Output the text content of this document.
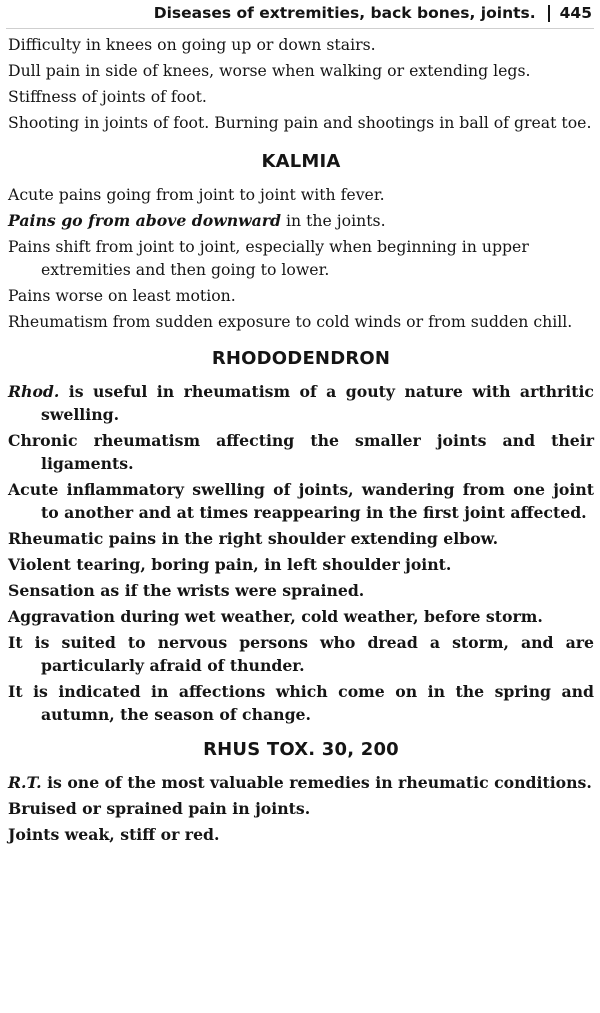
Diseases of extremities, back bones, joints. 445

Difficulty in knees on going up or down stairs.

Dull pain in side of knees, worse when walking or extending legs.

Stiffness of joints of foot.

Shooting in joints of foot. Burning pain and shootings in ball of great toe.

KALMIA

Acute pains going from joint to joint with fever.

Pains go from above downward in the joints.

Pains shift from joint to joint, especially when beginning in upper extremities and then going to lower.

Pains worse on least motion.

Rheumatism from sudden exposure to cold winds or from sudden chill.

RHODODENDRON

Rhod. is useful in rheumatism of a gouty nature with arthritic swelling.

Chronic rheumatism affecting the smaller joints and their ligaments.

Acute inflammatory swelling of joints, wandering from one joint to another and at times reappearing in the first joint affected.

Rheumatic pains in the right shoulder extending elbow.

Violent tearing, boring pain, in left shoulder joint.

Sensation as if the wrists were sprained.

Aggravation during wet weather, cold weather, before storm.

It is suited to nervous persons who dread a storm, and are particularly afraid of thunder.

It is indicated in affections which come on in the spring and autumn, the season of change.

RHUS TOX. 30, 200

R.T. is one of the most valuable remedies in rheumatic conditions.

Bruised or sprained pain in joints.

Joints weak, stiff or red.
